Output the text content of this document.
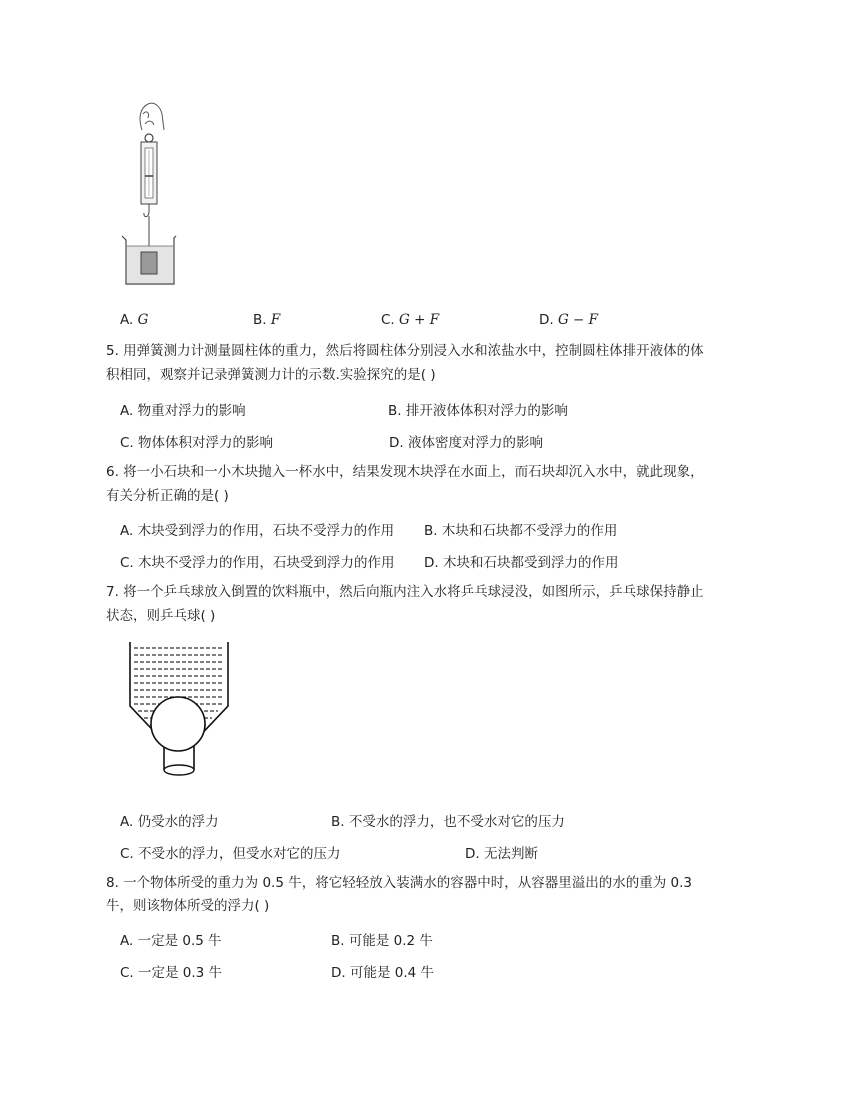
A. G	B. F	C. G + F	D. G − F
5. 用弹簧测力计测量圆柱体的重力，然后将圆柱体分别浸入水和浓盐水中，控制圆柱体排开液体的体
积相同，观察并记录弹簧测力计的示数.实验探究的是( )
A. 物重对浮力的影响	B. 排开液体体积对浮力的影响
C. 物体体积对浮力的影响	D. 液体密度对浮力的影响
6. 将一小石块和一小木块抛入一杯水中，结果发现木块浮在水面上，而石块却沉入水中，就此现象，
有关分析正确的是( )
A. 木块受到浮力的作用，石块不受浮力的作用 B. 木块和石块都不受浮力的作用
C. 木块不受浮力的作用，石块受到浮力的作用 D. 木块和石块都受到浮力的作用
7. 将一个乒乓球放入倒置的饮料瓶中，然后向瓶内注入水将乒乓球浸没，如图所示，乒乓球保持静止
状态，则乒乓球( )
A. 仍受水的浮力	B. 不受水的浮力，也不受水对它的压力
C. 不受水的浮力，但受水对它的压力	D. 无法判断
8. 一个物体所受的重力为 0.5 牛，将它轻轻放入装满水的容器中时，从容器里溢出的水的重为 0.3
牛，则该物体所受的浮力( )
A. 一定是 0.5 牛	B. 可能是 0.2 牛
C. 一定是 0.3 牛	D. 可能是 0.4 牛
